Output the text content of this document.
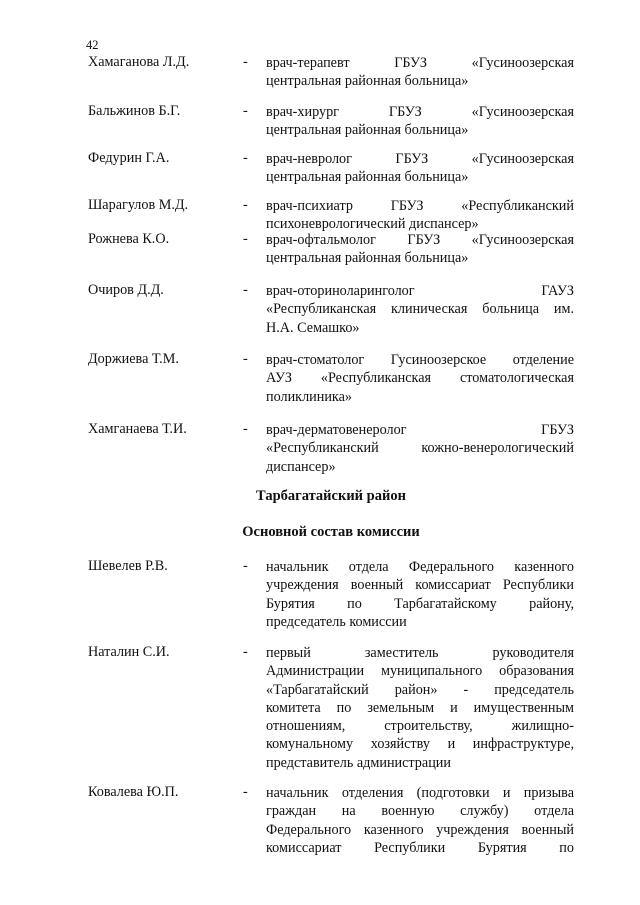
42
Хамаганова Л.Д.	- врач-терапевт ГБУЗ «Гусиноозерская
центральная районная больница»
Бальжинов Б.Г.	- врач-хирург ГБУЗ «Гусиноозерская
центральная районная больница»
Федурин Г.А.	- врач-невролог ГБУЗ «Гусиноозерская
центральная районная больница»
Шарагулов М.Д.	- врач-психиатр ГБУЗ «Республиканский
психоневрологический диспансер»
Рожнева К.О.	- врач-офтальмолог ГБУЗ «Гусиноозерская
центральная районная больница»
Очиров Д.Д.	- врач-оториноларинголог ГАУЗ
«Республиканская клиническая больница им.
Н.А. Семашко»
Доржиева Т.М.	- врач-стоматолог Гусиноозерское отделение
АУЗ «Республиканская стоматологическая
поликлиника»
Хамганаева Т.И.	- врач-дерматовенеролог ГБУЗ
«Республиканский кожно-венерологический
диспансер»
Тарбагатайский район
Основной состав комиссии
Шевелев Р.В.	- начальник отдела Федерального казенного
учреждения военный комиссариат Республики
Бурятия по Тарбагатайскому району,
председатель комиссии
Наталин С.И.	- первый заместитель руководителя
Администрации муниципального образования
«Тарбагатайский район» - председатель
комитета по земельным и имущественным
отношениям, строительству, жилищно-
комунальному хозяйству и инфраструктуре,
представитель администрации
Ковалева Ю.П.	- начальник отделения (подготовки и призыва
граждан на военную службу) отдела
Федерального казенного учреждения военный
комиссариат Республики Бурятия по
